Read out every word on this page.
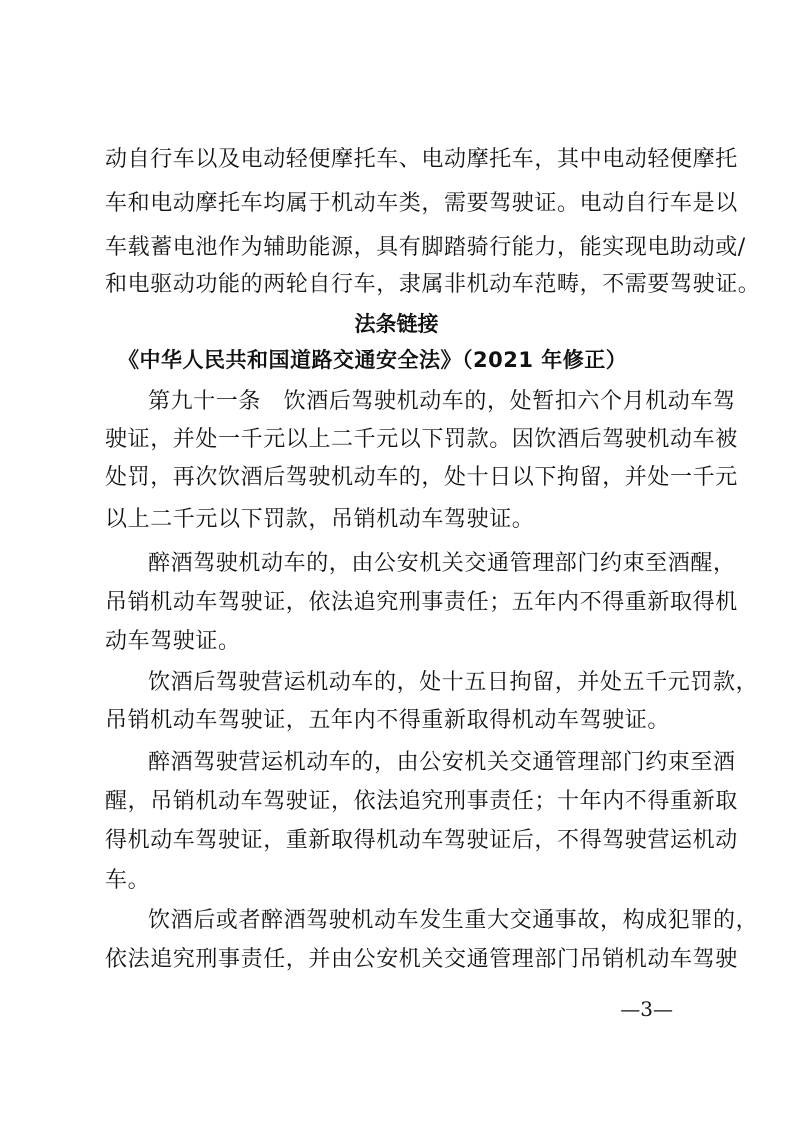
动自行车以及电动轻便摩托车、电动摩托车，其中电动轻便摩托
车和电动摩托车均属于机动车类，需要驾驶证。电动自行车是以
车载蓄电池作为辅助能源，具有脚踏骑行能力，能实现电助动或/
和电驱动功能的两轮自行车，隶属非机动车范畴，不需要驾驶证。
法条链接
《中华人民共和国道路交通安全法》（2021 年修正）
第九十一条　饮酒后驾驶机动车的，处暂扣六个月机动车驾
驶证，并处一千元以上二千元以下罚款。因饮酒后驾驶机动车被
处罚，再次饮酒后驾驶机动车的，处十日以下拘留，并处一千元
以上二千元以下罚款，吊销机动车驾驶证。
醉酒驾驶机动车的，由公安机关交通管理部门约束至酒醒，
吊销机动车驾驶证，依法追究刑事责任；五年内不得重新取得机
动车驾驶证。
饮酒后驾驶营运机动车的，处十五日拘留，并处五千元罚款，
吊销机动车驾驶证，五年内不得重新取得机动车驾驶证。
醉酒驾驶营运机动车的，由公安机关交通管理部门约束至酒
醒，吊销机动车驾驶证，依法追究刑事责任；十年内不得重新取
得机动车驾驶证，重新取得机动车驾驶证后，不得驾驶营运机动
车。
饮酒后或者醉酒驾驶机动车发生重大交通事故，构成犯罪的，
依法追究刑事责任，并由公安机关交通管理部门吊销机动车驾驶
—3—
